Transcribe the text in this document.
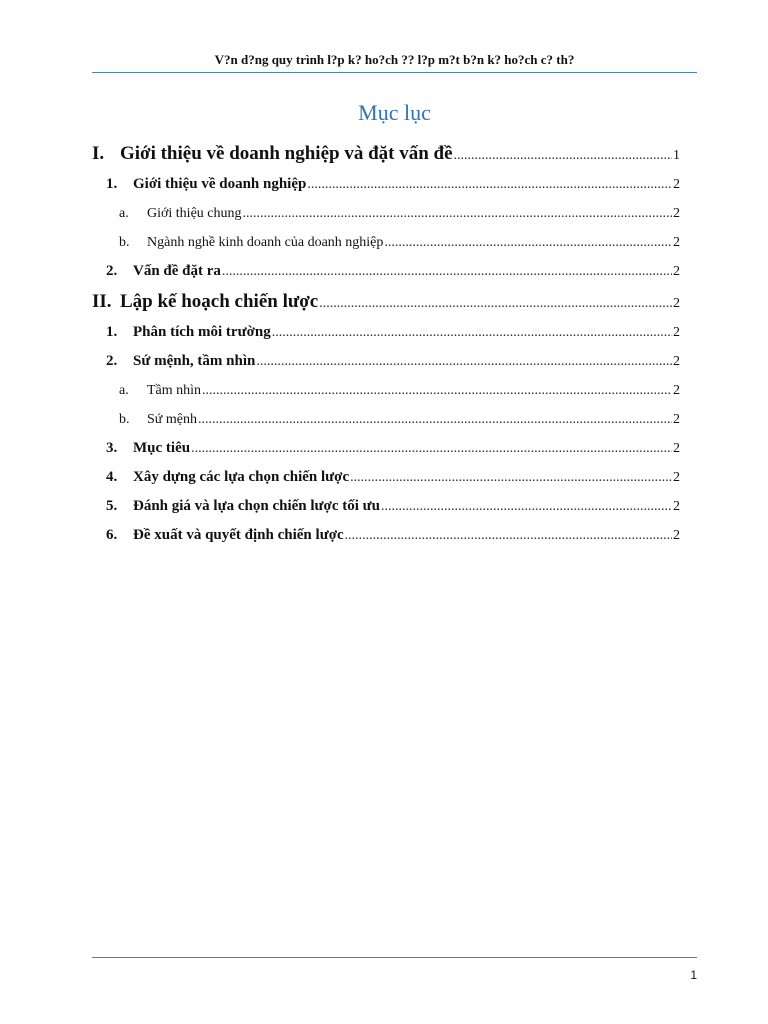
V?n d?ng quy trình l?p k? ho?ch ?? l?p m?t b?n k? ho?ch c? th?
Mục lục
I. Giới thiệu về doanh nghiệp và đặt vấn đề .....	1
1.	Giới thiệu về doanh nghiệp .....	2
a.	Giới thiệu chung .....	2
b.	Ngành nghề kinh doanh của doanh nghiệp .....	2
2.	Vấn đề đặt ra .....	2
II. Lập kế hoạch chiến lược .....	2
1.	Phân tích môi trường .....	2
2.	Sứ mệnh, tầm nhìn .....	2
a.	Tầm nhìn .....	2
b.	Sứ mệnh .....	2
3.	Mục tiêu .....	2
4.	Xây dựng các lựa chọn chiến lược .....	2
5.	Đánh giá và lựa chọn chiến lược tối ưu .....	2
6.	Đề xuất và quyết định chiến lược .....	2
1
